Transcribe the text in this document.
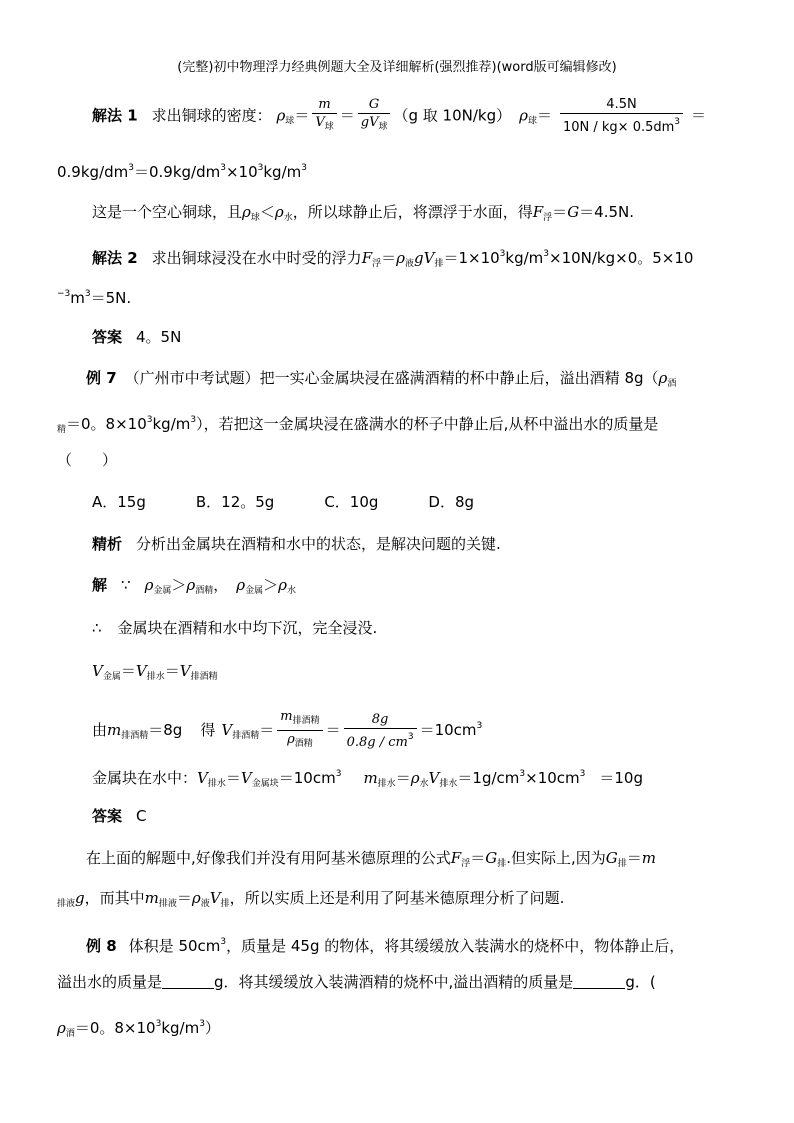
(完整)初中物理浮力经典例题大全及详细解析(强烈推荐)(word版可编辑修改)
解法 1 求出铜球的密度： $\rho_球= \frac{m}{V_球} = \frac{G}{gV_球} (g$ 取 10N/kg） $\rho_球= \frac{4.5N}{10N / kg\times 0.5dm^3}$ ＝
$0.9kg/dm^3=0.9kg/dm^3\times 10^3kg/m^3$
这是一个空心铜球，且$\rho_球<\rho_水$，所以球静止后，将漂浮于水面，得$F_浮=G=4.5N$.
解法 2 求出铜球浸没在水中时受的浮力$F_浮=\rho_液gV_排=1\times 10^3kg/m^3\times 10N/kg\times 0$。5×10
$^{-3}m^3=5N$.
答案 4。5N
例 7 （广州市中考试题）把一实心金属块浸在盛满酒精的杯中静止后，溢出酒精 $8g(\rho_酒$
$_精$＝0。$8\times 10^3kg/m^3$），若把这一金属块浸在盛满水的杯子中静止后,从杯中溢出水的质量是
（　　）
A．15g	B．12。5g	C．10g	D．8g
精析 分析出金属块在酒精和水中的状态，是解决问题的关键.
解 ∵ $\rho_{金属}>\rho_{酒精}$， $\rho_{金属}>\rho_水$
∴ 金属块在酒精和水中均下沉，完全浸没.
$V_{金属}=V_{排水}=V_{排酒精}$
由$m_{排酒精}=8g$ 得 $V_{排酒精}= \frac{m_{排酒精}}{\rho_{酒精}} = \frac{8g}{0.8g / cm^3} =10cm^3$
金属块在水中：$V_{排水}=V_{金属块}=10cm^3$ $m_{排水}=\rho_水V_{排水}=1g/cm^3\times 10cm^3 =10g$
答案 C
在上面的解题中,好像我们并没有用阿基米德原理的公式$F_浮=G_排$.但实际上,因为$G_排=m$
$_{排液}$g，而其中$m_{排液}=\rho_液V_排$，所以实质上还是利用了阿基米德原理分析了问题.
例 8 体积是 $50cm^3$，质量是 45g 的物体，将其缓缓放入装满水的烧杯中，物体静止后，
溢出水的质量是	g．将其缓缓放入装满酒精的烧杯中,溢出酒精的质量是	g．(
$\rho_酒=0$。$8\times 10^3kg/m^3$）
